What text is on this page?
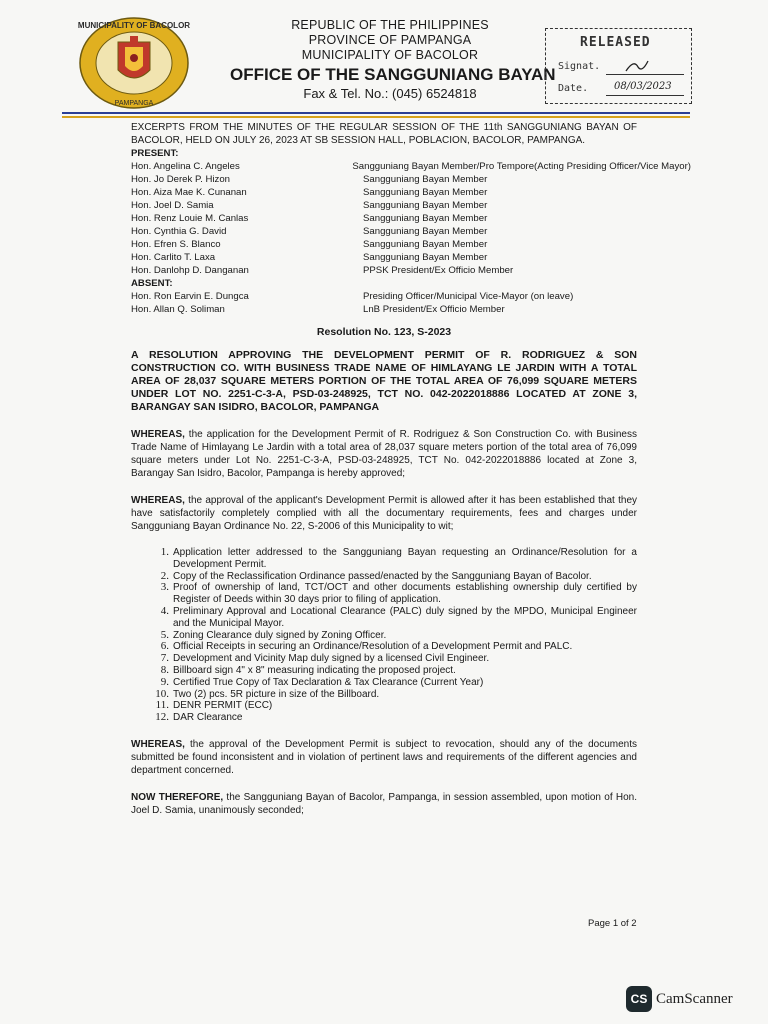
MUNICIPALITY OF BACOLOR
PAMPANGA
REPUBLIC OF THE PHILIPPINES
PROVINCE OF PAMPANGA
MUNICIPALITY OF BACOLOR
OFFICE OF THE SANGGUNIANG BAYAN
Fax & Tel. No.: (045) 6524818
RELEASED
Signat.
Date.	08/03/2023
EXCERPTS FROM THE MINUTES OF THE REGULAR SESSION OF THE 11th SANGGUNIANG BAYAN OF BACOLOR, HELD ON JULY 26, 2023 AT SB SESSION HALL, POBLACION, BACOLOR, PAMPANGA.
PRESENT:
Hon. Angelina C. Angeles	Sangguniang Bayan Member/Pro Tempore(Acting Presiding Officer/Vice Mayor)
Hon. Jo Derek P. Hizon	Sangguniang Bayan Member
Hon. Aiza Mae K. Cunanan	Sangguniang Bayan Member
Hon. Joel D. Samia	Sangguniang Bayan Member
Hon. Renz Louie M. Canlas	Sangguniang Bayan Member
Hon. Cynthia G. David	Sangguniang Bayan Member
Hon. Efren S. Blanco	Sangguniang Bayan Member
Hon. Carlito T. Laxa	Sangguniang Bayan Member
Hon. Danlohp D. Danganan	PPSK President/Ex Officio Member
ABSENT:
Hon. Ron Earvin E. Dungca	Presiding Officer/Municipal Vice-Mayor (on leave)
Hon. Allan Q. Soliman	LnB President/Ex Officio Member
Resolution No. 123, S-2023
A RESOLUTION APPROVING THE DEVELOPMENT PERMIT OF R. RODRIGUEZ & SON CONSTRUCTION CO. WITH BUSINESS TRADE NAME OF HIMLAYANG LE JARDIN WITH A TOTAL AREA OF 28,037 SQUARE METERS PORTION OF THE TOTAL AREA OF 76,099 SQUARE METERS UNDER LOT NO. 2251-C-3-A, PSD-03-248925, TCT NO. 042-2022018886 LOCATED AT ZONE 3, BARANGAY SAN ISIDRO, BACOLOR, PAMPANGA

WHEREAS, the application for the Development Permit of R. Rodriguez & Son Construction Co. with Business Trade Name of Himlayang Le Jardin with a total area of 28,037 square meters portion of the total area of 76,099 square meters under Lot No. 2251-C-3-A, PSD-03-248925, TCT No. 042-2022018886 located at Zone 3, Barangay San Isidro, Bacolor, Pampanga is hereby approved;

WHEREAS, the approval of the applicant's Development Permit is allowed after it has been established that they have satisfactorily completely complied with all the documentary requirements, fees and charges under Sangguniang Bayan Ordinance No. 22, S-2006 of this Municipality to wit;

1. Application letter addressed to the Sangguniang Bayan requesting an Ordinance/Resolution for a Development Permit.
2. Copy of the Reclassification Ordinance passed/enacted by the Sangguniang Bayan of Bacolor.
3. Proof of ownership of land, TCT/OCT and other documents establishing ownership duly certified by Register of Deeds within 30 days prior to filing of application.
4. Preliminary Approval and Locational Clearance (PALC) duly signed by the MPDO, Municipal Engineer and the Municipal Mayor.
5. Zoning Clearance duly signed by Zoning Officer.
6. Official Receipts in securing an Ordinance/Resolution of a Development Permit and PALC.
7. Development and Vicinity Map duly signed by a licensed Civil Engineer.
8. Billboard sign 4" x 8" measuring indicating the proposed project.
9. Certified True Copy of Tax Declaration & Tax Clearance (Current Year)
10. Two (2) pcs. 5R picture in size of the Billboard.
11. DENR PERMIT (ECC)
12. DAR Clearance

WHEREAS, the approval of the Development Permit is subject to revocation, should any of the documents submitted be found inconsistent and in violation of pertinent laws and requirements of the different agencies and department concerned.

NOW THEREFORE, the Sangguniang Bayan of Bacolor, Pampanga, in session assembled, upon motion of Hon. Joel D. Samia, unanimously seconded;

Page 1 of 2
CS CamScanner
